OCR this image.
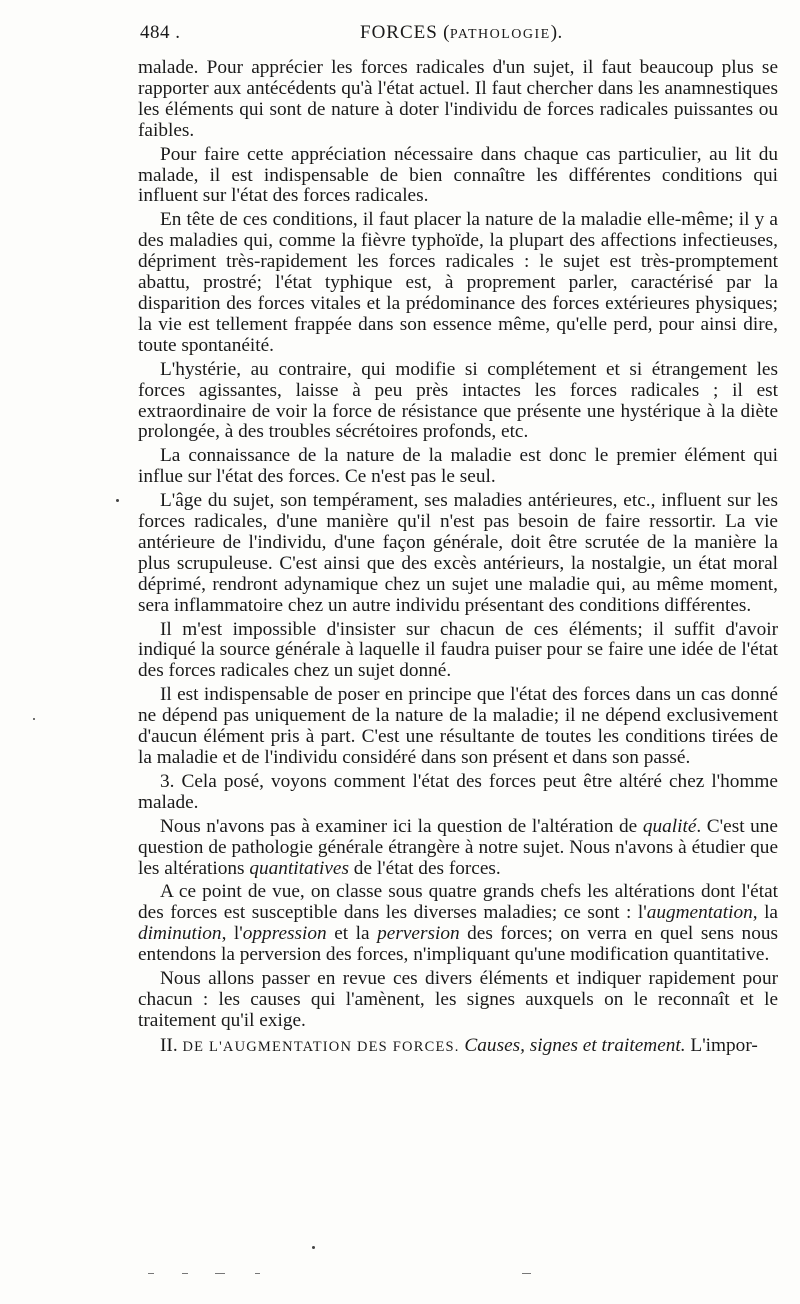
484 .	FORCES (PATHOLOGIE).

malade. Pour apprécier les forces radicales d'un sujet, il faut beaucoup plus se rapporter aux antécédents qu'à l'état actuel. Il faut chercher dans les anamnestiques les éléments qui sont de nature à doter l'individu de forces radicales puissantes ou faibles.

Pour faire cette appréciation nécessaire dans chaque cas particulier, au lit du malade, il est indispensable de bien connaître les différentes conditions qui influent sur l'état des forces radicales.

En tête de ces conditions, il faut placer la nature de la maladie elle-même; il y a des maladies qui, comme la fièvre typhoïde, la plupart des affections infectieuses, dépriment très-rapidement les forces radicales : le sujet est très-promptement abattu, prostré; l'état typhique est, à proprement parler, caractérisé par la disparition des forces vitales et la prédominance des forces extérieures physiques; la vie est tellement frappée dans son essence même, qu'elle perd, pour ainsi dire, toute spontanéité.

L'hystérie, au contraire, qui modifie si complétement et si étrangement les forces agissantes, laisse à peu près intactes les forces radicales ; il est extraordinaire de voir la force de résistance que présente une hystérique à la diète prolongée, à des troubles sécrétoires profonds, etc.

La connaissance de la nature de la maladie est donc le premier élément qui influe sur l'état des forces. Ce n'est pas le seul.

L'âge du sujet, son tempérament, ses maladies antérieures, etc., influent sur les forces radicales, d'une manière qu'il n'est pas besoin de faire ressortir. La vie antérieure de l'individu, d'une façon générale, doit être scrutée de la manière la plus scrupuleuse. C'est ainsi que des excès antérieurs, la nostalgie, un état moral déprimé, rendront adynamique chez un sujet une maladie qui, au même moment, sera inflammatoire chez un autre individu présentant des conditions différentes.

Il m'est impossible d'insister sur chacun de ces éléments; il suffit d'avoir indiqué la source générale à laquelle il faudra puiser pour se faire une idée de l'état des forces radicales chez un sujet donné.

Il est indispensable de poser en principe que l'état des forces dans un cas donné ne dépend pas uniquement de la nature de la maladie; il ne dépend exclusivement d'aucun élément pris à part. C'est une résultante de toutes les conditions tirées de la maladie et de l'individu considéré dans son présent et dans son passé.

3. Cela posé, voyons comment l'état des forces peut être altéré chez l'homme malade.

Nous n'avons pas à examiner ici la question de l'altération de qualité. C'est une question de pathologie générale étrangère à notre sujet. Nous n'avons à étudier que les altérations quantitatives de l'état des forces.

A ce point de vue, on classe sous quatre grands chefs les altérations dont l'état des forces est susceptible dans les diverses maladies; ce sont : l'augmentation, la diminution, l'oppression et la perversion des forces; on verra en quel sens nous entendons la perversion des forces, n'impliquant qu'une modification quantitative.

Nous allons passer en revue ces divers éléments et indiquer rapidement pour chacun : les causes qui l'amènent, les signes auxquels on le reconnaît et le traitement qu'il exige.

II. DE L'AUGMENTATION DES FORCES. Causes, signes et traitement. L'impor-
